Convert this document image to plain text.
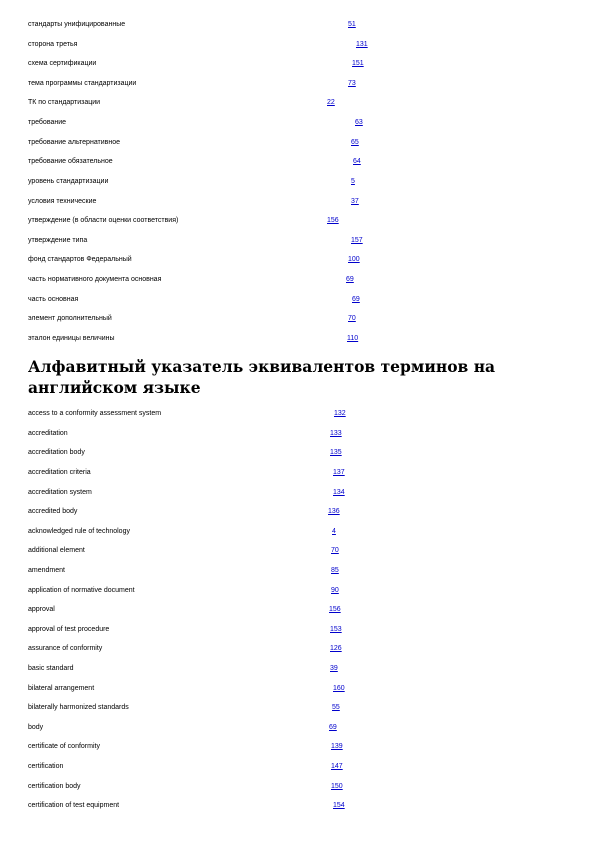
стандарты унифицированные	51
сторона третья	131
схема сертификации	151
тема программы стандартизации	73
ТК по стандартизации	22
требование	63
требование альтернативное	65
требование обязательное	64
уровень стандартизации	5
условия технические	37
утверждение (в области оценки соответствия)	156
утверждение типа	157
фонд стандартов Федеральный	100
часть нормативного документа основная	69
часть основная	69
элемент дополнительный	70
эталон единицы величины	110
Алфавитный указатель эквивалентов терминов на английском языке
access to a conformity assessment system	132
accreditation	133
accreditation body	135
accreditation criteria	137
accreditation system	134
accredited body	136
acknowledged rule of technology	4
additional element	70
amendment	85
application of normative document	90
approval	156
approval of test procedure	153
assurance of conformity	126
basic standard	39
bilateral arrangement	160
bilaterally harmonized standards	55
body	69
certificate of conformity	139
certification	147
certification body	150
certification of test equipment	154
